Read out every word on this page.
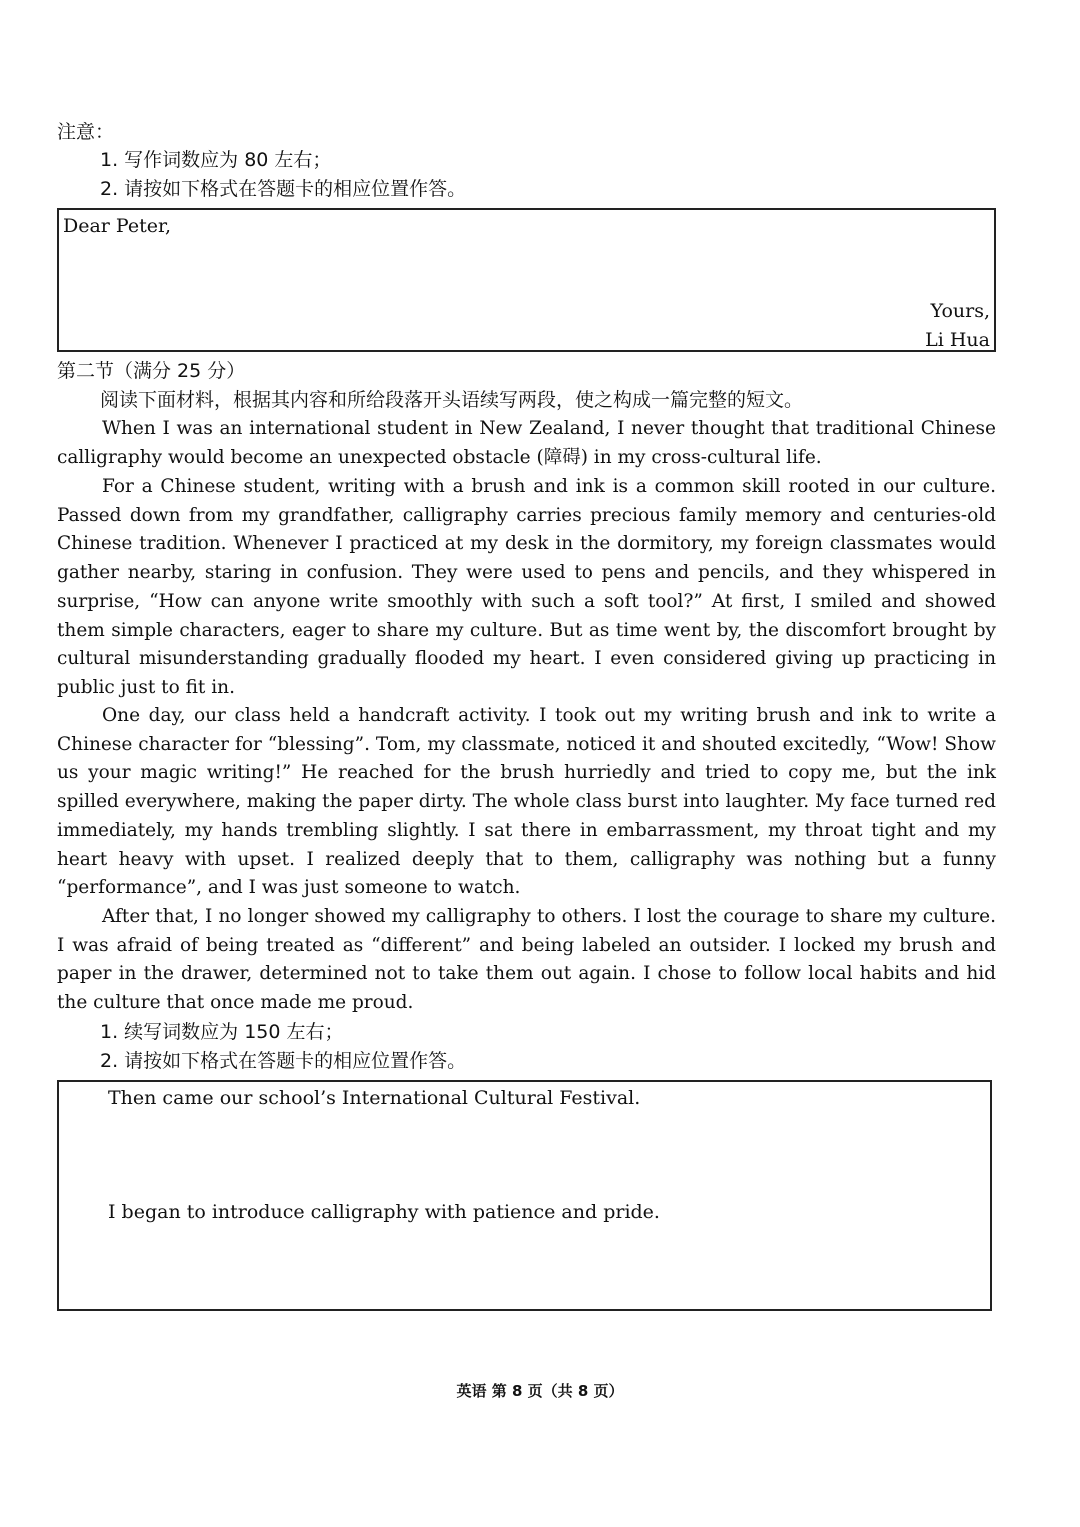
注意：
1. 写作词数应为 80 左右；
2. 请按如下格式在答题卡的相应位置作答。
Dear Peter,
Yours,
Li Hua
第二节（满分 25 分）
阅读下面材料，根据其内容和所给段落开头语续写两段，使之构成一篇完整的短文。
When I was an international student in New Zealand, I never thought that traditional Chinese calligraphy would become an unexpected obstacle (障碍) in my cross-cultural life.
For a Chinese student, writing with a brush and ink is a common skill rooted in our culture. Passed down from my grandfather, calligraphy carries precious family memory and centuries-old Chinese tradition. Whenever I practiced at my desk in the dormitory, my foreign classmates would gather nearby, staring in confusion. They were used to pens and pencils, and they whispered in surprise, “How can anyone write smoothly with such a soft tool?” At first, I smiled and showed them simple characters, eager to share my culture. But as time went by, the discomfort brought by cultural misunderstanding gradually flooded my heart. I even considered giving up practicing in public just to fit in.
One day, our class held a handcraft activity. I took out my writing brush and ink to write a Chinese character for “blessing”. Tom, my classmate, noticed it and shouted excitedly, “Wow! Show us your magic writing!” He reached for the brush hurriedly and tried to copy me, but the ink spilled everywhere, making the paper dirty. The whole class burst into laughter. My face turned red immediately, my hands trembling slightly. I sat there in embarrassment, my throat tight and my heart heavy with upset. I realized deeply that to them, calligraphy was nothing but a funny “performance”, and I was just someone to watch.
After that, I no longer showed my calligraphy to others. I lost the courage to share my culture. I was afraid of being treated as “different” and being labeled an outsider. I locked my brush and paper in the drawer, determined not to take them out again. I chose to follow local habits and hid the culture that once made me proud.
1. 续写词数应为 150 左右；
2. 请按如下格式在答题卡的相应位置作答。
Then came our school’s International Cultural Festival.
I began to introduce calligraphy with patience and pride.
英语 第 8 页（共 8 页）
